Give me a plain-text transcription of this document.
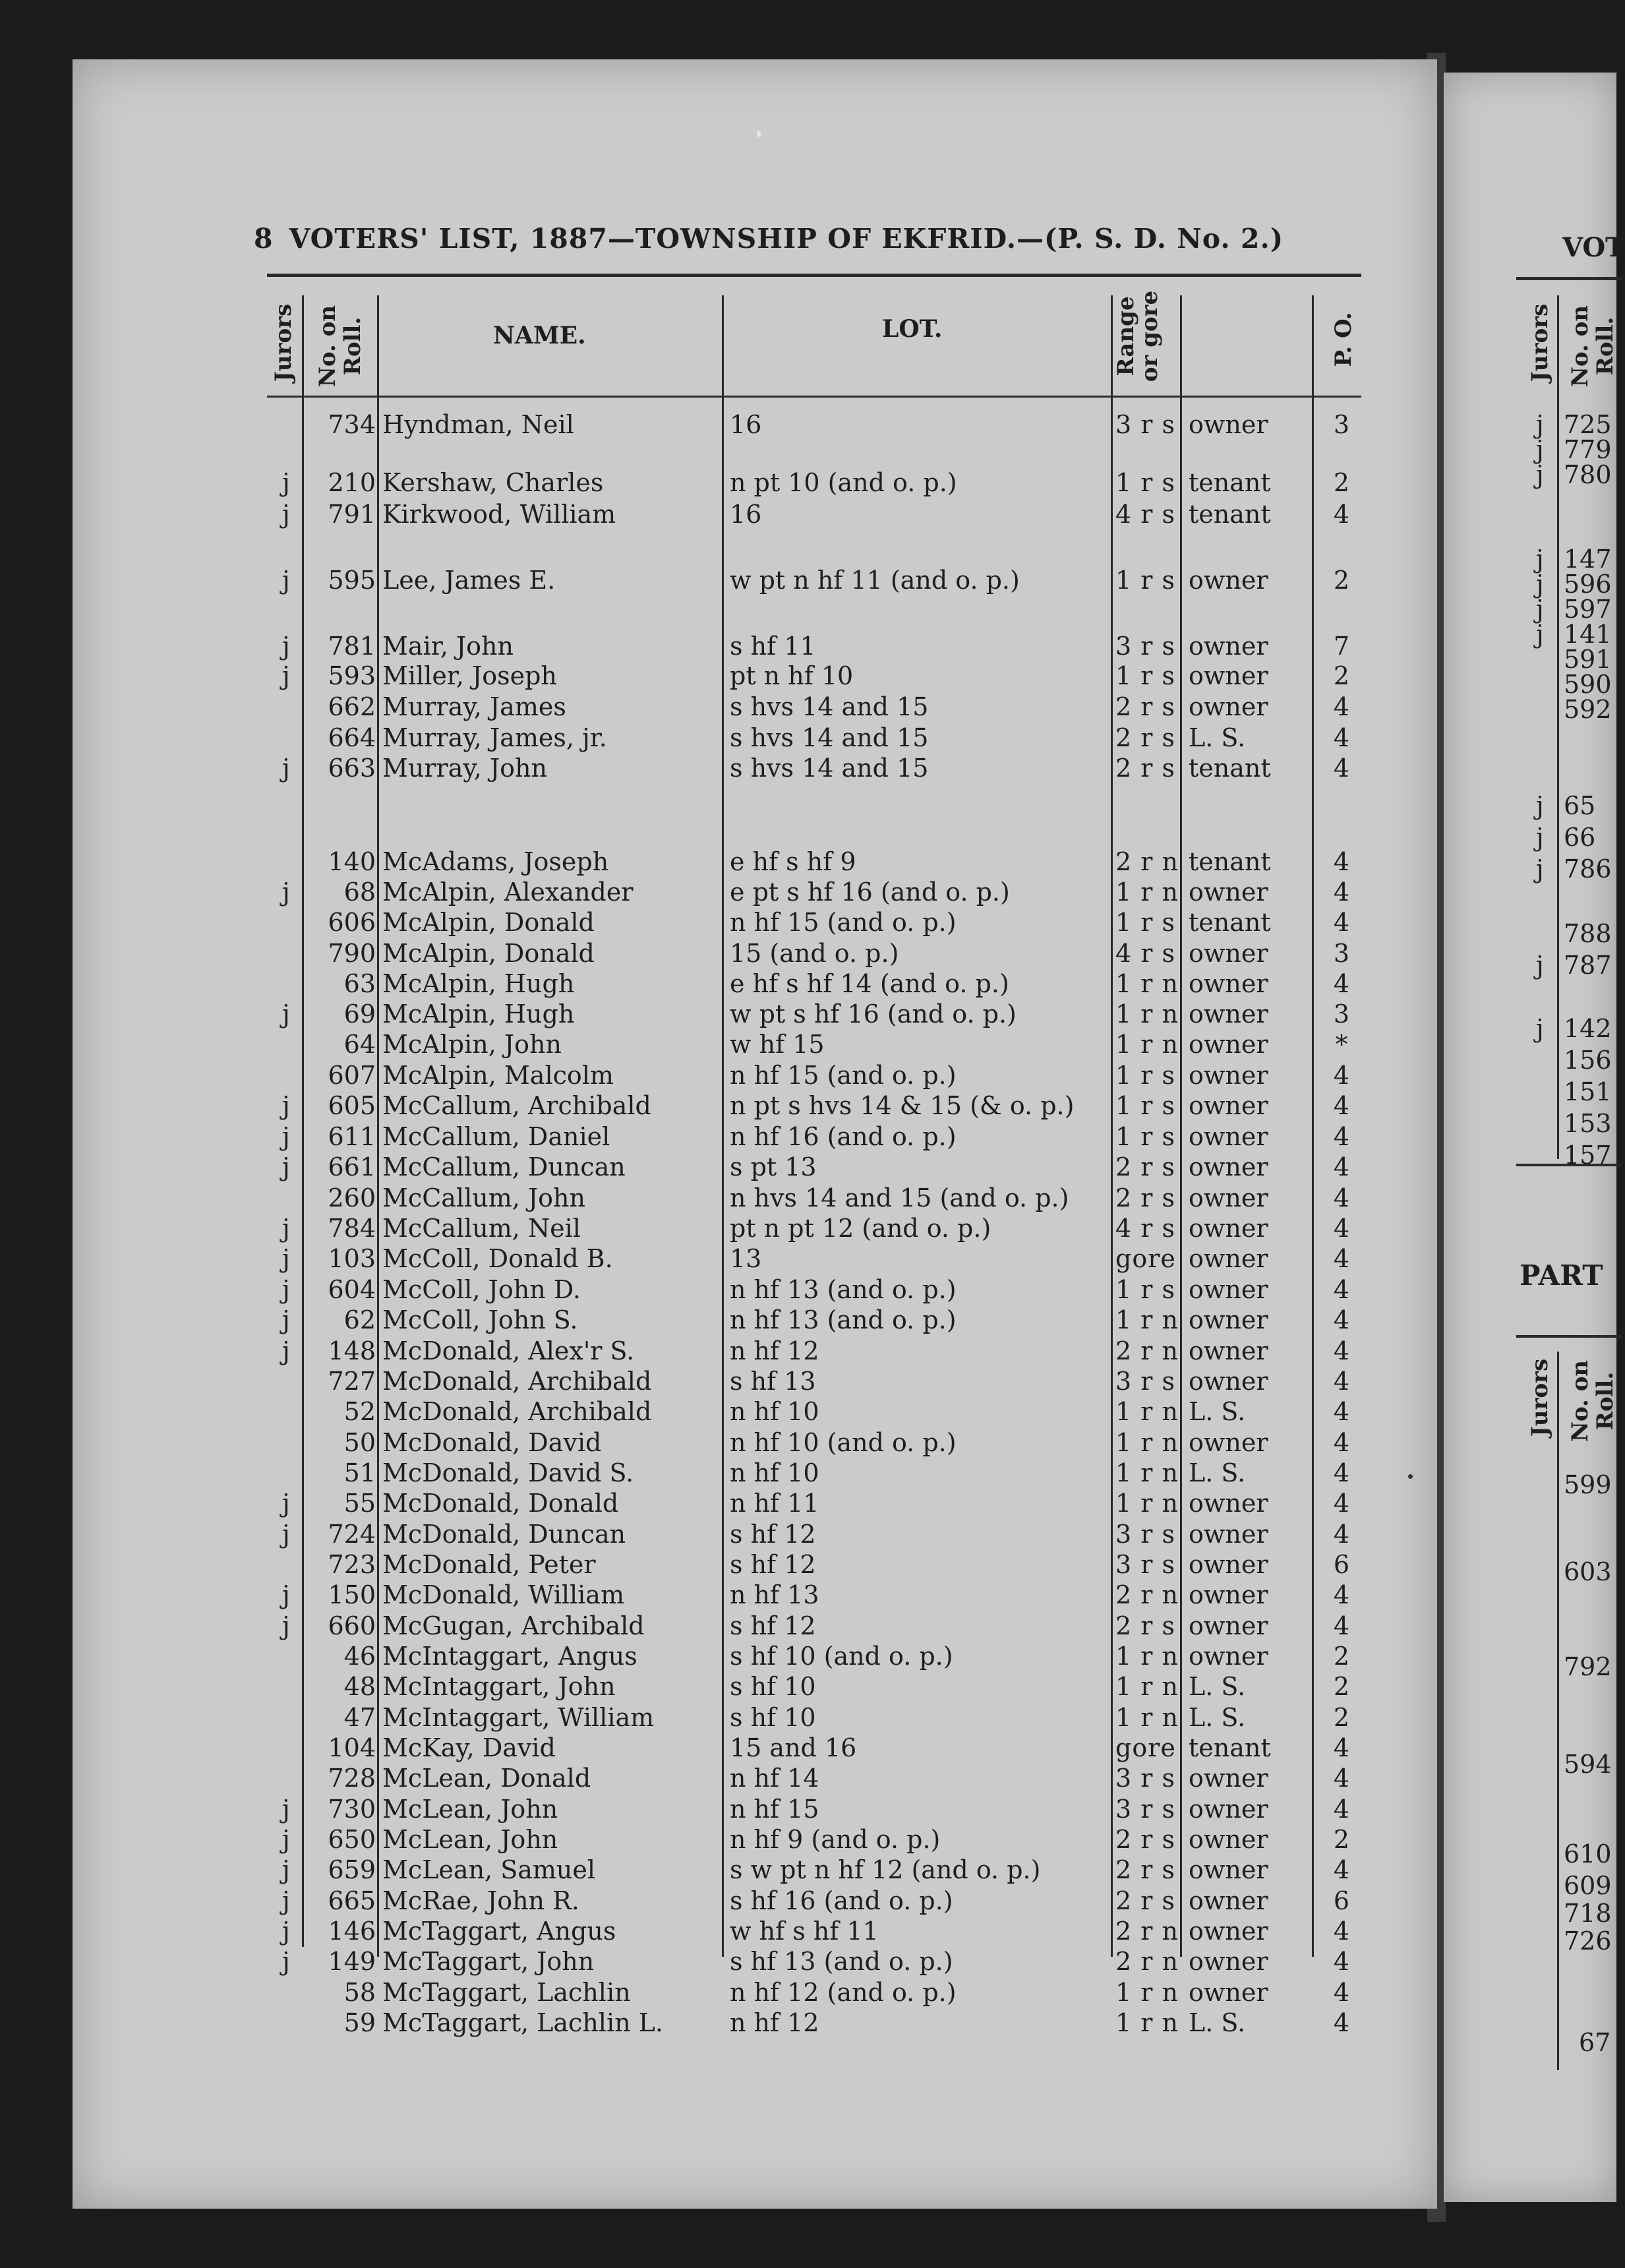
8 VOTERS' LIST, 1887—TOWNSHIP OF EKFRID.—(P. S. D. No. 2.)
Jurors No. on Roll.	NAME.	LOT.	Range or gore	P. O.
734 Hyndman, Neil	16	3 r s owner	3
j	210 Kershaw, Charles	n pt 10 (and o. p.)	1 r s tenant	2
j	791 Kirkwood, William	16	4 r s tenant	4
j	595 Lee, James E.	w pt n hf 11 (and o. p.)	1 r s owner	2
j	781 Mair, John	s hf 11	3 r s owner	7
j	593 Miller, Joseph	pt n hf 10	1 r s owner	2
662 Murray, James	s hvs 14 and 15	2 r s owner	4
664 Murray, James, jr.	s hvs 14 and 15	2 r s L. S.	4
j	663 Murray, John	s hvs 14 and 15	2 r s tenant	4
140 McAdams, Joseph	e hf s hf 9	2 r n tenant	4
j	68 McAlpin, Alexander	e pt s hf 16 (and o. p.)	1 r n owner	4
606 McAlpin, Donald	n hf 15 (and o. p.)	1 r s tenant	4
790 McAlpin, Donald	15 (and o. p.)	4 r s owner	3
63 McAlpin, Hugh	e hf s hf 14 (and o. p.)	1 r n owner	4
j	69 McAlpin, Hugh	w pt s hf 16 (and o. p.)	1 r n owner	3
64 McAlpin, John	w hf 15	1 r n owner	*
607 McAlpin, Malcolm	n hf 15 (and o. p.)	1 r s owner	4
j	605 McCallum, Archibald	n pt s hvs 14 & 15 (& o. p.) 1 r s owner	4
j	611 McCallum, Daniel	n hf 16 (and o. p.)	1 r s owner	4
j	661 McCallum, Duncan	s pt 13	2 r s owner	4
260 McCallum, John	n hvs 14 and 15 (and o. p.) 2 r s owner	4
j	784 McCallum, Neil	pt n pt 12 (and o. p.)	4 r s owner	4
j	103 McColl, Donald B.	13	gore owner	4
j	604 McColl, John D.	n hf 13 (and o. p.)	1 r s owner	4
j	62 McColl, John S.	n hf 13 (and o. p.)	1 r n owner	4
j	148 McDonald, Alex'r S.	n hf 12	2 r n owner	4
727 McDonald, Archibald	s hf 13	3 r s owner	4
52 McDonald, Archibald	n hf 10	1 r n L. S.	4
50 McDonald, David	n hf 10 (and o. p.)	1 r n owner	4
51 McDonald, David S.	n hf 10	1 r n L. S.	4
j	55 McDonald, Donald	n hf 11	1 r n owner	4
j	724 McDonald, Duncan	s hf 12	3 r s owner	4
723 McDonald, Peter	s hf 12	3 r s owner	6
j	150 McDonald, William	n hf 13	2 r n owner	4
j	660 McGugan, Archibald	s hf 12	2 r s owner	4
46 McIntaggart, Angus	s hf 10 (and o. p.)	1 r n owner	2
48 McIntaggart, John	s hf 10	1 r n L. S.	2
47 McIntaggart, William	s hf 10	1 r n L. S.	2
104 McKay, David	15 and 16	gore tenant	4
728 McLean, Donald	n hf 14	3 r s owner	4
j	730 McLean, John	n hf 15	3 r s owner	4
j	650 McLean, John	n hf 9 (and o. p.)	2 r s owner	2
j	659 McLean, Samuel	s w pt n hf 12 (and o. p.)	2 r s owner	4
j	665 McRae, John R.	s hf 16 (and o. p.)	2 r s owner	6
j	146 McTaggart, Angus	w hf s hf 11	2 r n owner	4
j	149 McTaggart, John	s hf 13 (and o. p.)	2 r n owner	4
58 McTaggart, Lachlin	n hf 12 (and o. p.)	1 r n owner	4
59 McTaggart, Lachlin L.	n hf 12	1 r n L. S.	4
VOT
Jurors No. on Roll.
PART
Jurors No. on Roll.
j 725
j 779
j 780
j 147
j 596
j 597
j 141
591
590
592
j 65
j 66
j 786
788
j 787
j 142
156
151
153
157
599
603
792
594
610
609
718
726
67
